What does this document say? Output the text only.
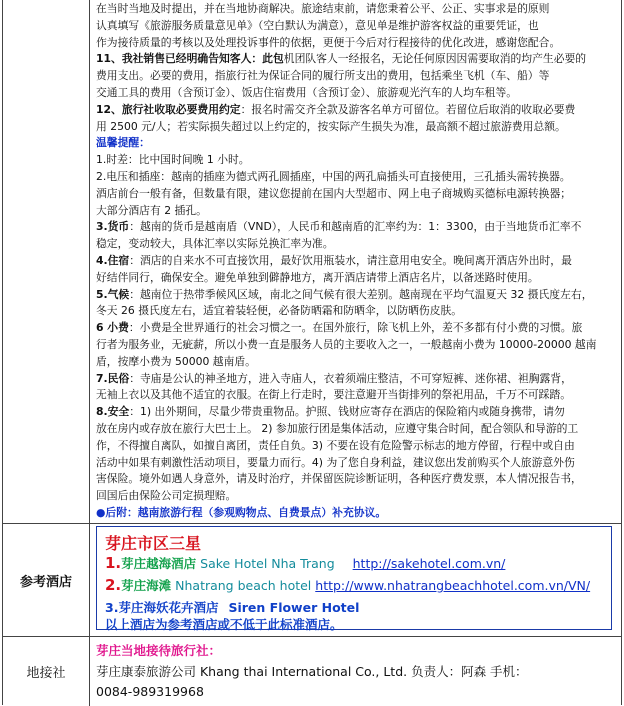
在当时当地及时提出，并在当地协商解决。旅途结束前，请您秉着公平、公正、实事求是的原则
认真填写《旅游服务质量意见单》（空白默认为满意），意见单是维护游客权益的重要凭证，也
作为接待质量的考核以及处理投诉事件的依据，更便于今后对行程接待的优化改进，感谢您配合。
11、我社销售已经明确告知客人：此包机团队客人一经报名，无论任何原因因需要取消的均产生必要的
费用支出。必要的费用，指旅行社为保证合同的履行所支出的费用，包括乘坐飞机（车、船）等
交通工具的费用（含预订金）、饭店住宿费用（含预订金）、旅游观光汽车的人均车租等。
12、旅行社收取必要费用约定：报名时需交齐全款及游客名单方可留位。若留位后取消的收取必要费
用 2500 元/人；若实际损失超过以上约定的，按实际产生损失为准，最高额不超过旅游费用总额。
温馨提醒：
1.时差：比中国时间晚 1 小时。
2.电压和插座：越南的插座为德式两孔圆插座，中国的两孔扁插头可直接使用，三孔插头需转换器。
酒店前台一般有备，但数量有限，建议您提前在国内大型超市、网上电子商城购买德标电源转换器；
大部分酒店有 2 插孔。
3.货币：越南的货币是越南盾（VND），人民币和越南盾的汇率约为：1：3300，由于当地货币汇率不
稳定，变动较大，具体汇率以实际兑换汇率为准。
4.住宿：酒店的自来水不可直接饮用，最好饮用瓶装水，请注意用电安全。晚间离开酒店外出时，最
好结伴同行，确保安全。避免单独到僻静地方，离开酒店请带上酒店名片，以备迷路时使用。
5.气候：越南位于热带季候风区域，南北之间气候有很大差别。越南现在平均气温夏天 32 摄氏度左右，
冬天 26 摄氏度左右，适宜着装轻便，必备防晒霜和防晒伞，以防晒伤皮肤。
6 小费：小费是全世界通行的社会习惯之一。在国外旅行，除飞机上外，差不多都有付小费的习惯。旅
行者为服务业，无疵薪，所以小费一直是服务人员的主要收入之一，一般越南小费为 10000-20000 越南
盾，按摩小费为 50000 越南盾。
7.民俗：寺庙是公认的神圣地方，进入寺庙人，衣着须端庄整洁，不可穿短裤、迷你裙、袒胸露背，
无袖上衣以及其他不适宜的衣服。在街上行走时，要注意避开当街排列的祭祀用品，千万不可踩踏。
8.安全：1) 出外期间，尽量少带贵重物品。护照、钱财应寄存在酒店的保险箱内或随身携带，请勿
放在房内或存放在旅行大巴士上。 2) 参加旅行团是集体活动，应遵守集合时间，配合领队和导游的工
作，不得擅自离队，如擅自离团，责任自负。3) 不要在设有危险警示标志的地方停留，行程中或自由
活动中如果有刺激性活动项目，要量力而行。4) 为了您自身利益，建议您出发前购买个人旅游意外伤
害保险。境外如遇人身意外，请及时治疗，并保留医院诊断证明，各种医疗费发票，本人情况报告书，
回国后由保险公司定损理赔。
●后附：越南旅游行程（参观购物点、自费景点）补充协议。
参考酒店
芽庄市区三星
1.芽庄越海酒店 Sake Hotel Nha Trang http://sakehotel.com.vn/
2.芽庄海滩 Nhatrang beach hotel http://www.nhatrangbeachhotel.com.vn/VN/
3.芽庄海妖花卉酒店 Siren Flower Hotel
以上酒店为参考酒店或不低于此标准酒店。
地接社
芽庄当地接待旅行社：
芽庄康泰旅游公司 Khang thai International Co., Ltd. 负责人：阿森 手机：
0084-989319968
